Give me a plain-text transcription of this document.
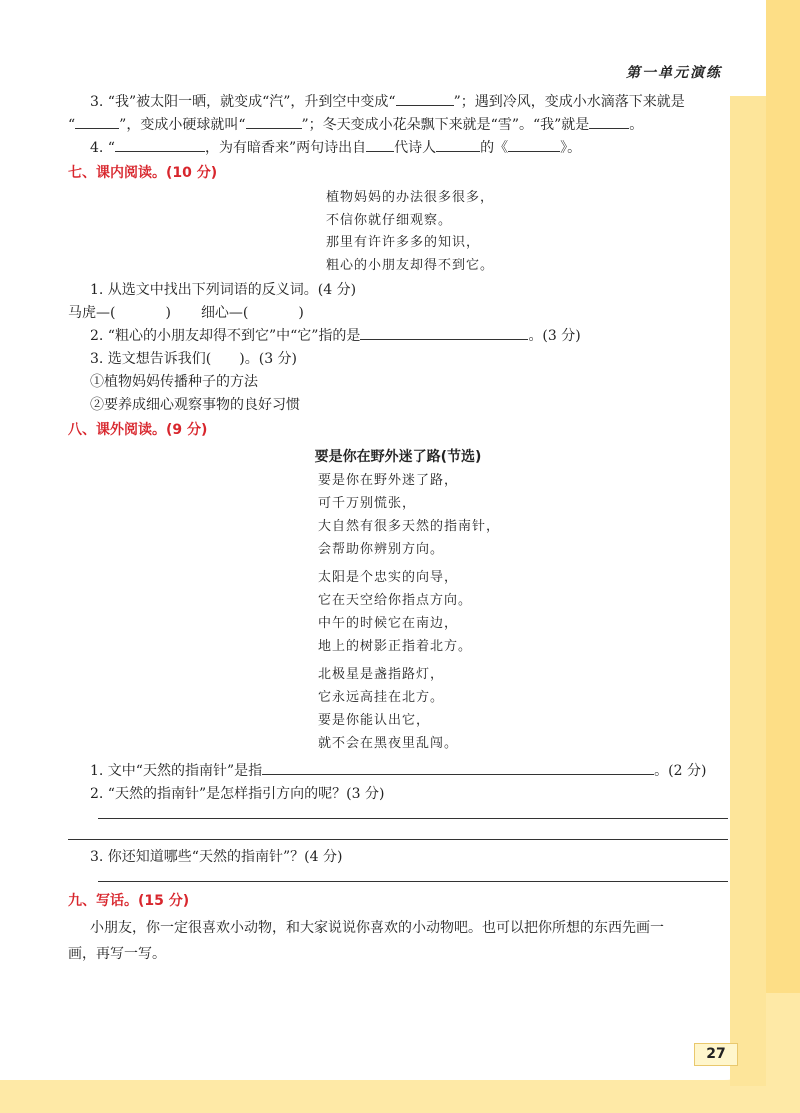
第一单元演练

3. “我”被太阳一晒，就变成“汽”，升到空中变成“	”；遇到冷风，变成小水滴落下来就是

“	”，变成小硬球就叫“	”；冬天变成小花朵飘下来就是“雪”。“我”就是	。

4. “	，为有暗香来”两句诗出自 代诗人	的《	》。

七、课内阅读。(10 分)

植物妈妈的办法很多很多，

不信你就仔细观察。

那里有许许多多的知识，

粗心的小朋友却得不到它。

1. 从选文中找出下列词语的反义词。(4 分)

马虎—(	) 细心—(	)

2. “粗心的小朋友却得不到它”中“它”指的是	。(3 分)

3. 选文想告诉我们( )。(3 分)

①植物妈妈传播种子的方法

②要养成细心观察事物的良好习惯

八、课外阅读。(9 分)

要是你在野外迷了路(节选)

要是你在野外迷了路，

可千万别慌张，

大自然有很多天然的指南针，

会帮助你辨别方向。

太阳是个忠实的向导，

它在天空给你指点方向。

中午的时候它在南边，

地上的树影正指着北方。

北极星是盏指路灯，

它永远高挂在北方。

要是你能认出它，

就不会在黑夜里乱闯。

1. 文中“天然的指南针”是指	。(2 分)

2. “天然的指南针”是怎样指引方向的呢？(3 分)

3. 你还知道哪些“天然的指南针”？(4 分)

九、写话。(15 分)

小朋友，你一定很喜欢小动物，和大家说说你喜欢的小动物吧。也可以把你所想的东西先画一

画，再写一写。

27
